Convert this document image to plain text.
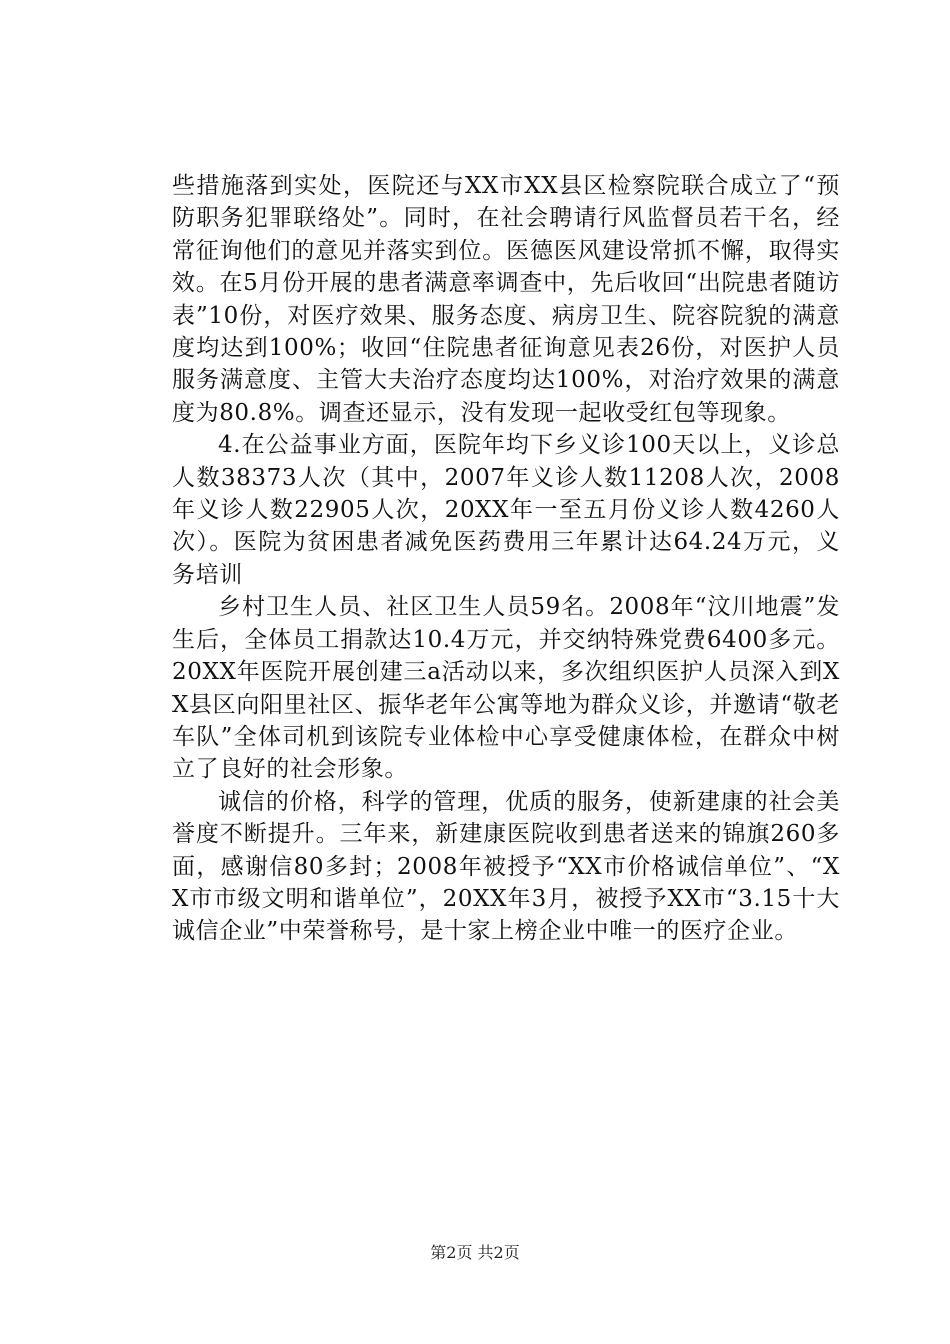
些措施落到实处，医院还与XX市XX县区检察院联合成立了“预防职务犯罪联络处”。同时，在社会聘请行风监督员若干名，经常征询他们的意见并落实到位。医德医风建设常抓不懈，取得实效。在5月份开展的患者满意率调查中，先后收回“出院患者随访表”10份，对医疗效果、服务态度、病房卫生、院容院貌的满意度均达到100%；收回“住院患者征询意见表26份，对医护人员服务满意度、主管大夫治疗态度均达100%，对治疗效果的满意度为80.8%。调查还显示，没有发现一起收受红包等现象。

4.在公益事业方面，医院年均下乡义诊100天以上，义诊总人数38373人次（其中，2007年义诊人数11208人次，2008年义诊人数22905人次，20XX年一至五月份义诊人数4260人次）。医院为贫困患者减免医药费用三年累计达64.24万元，义务培训

乡村卫生人员、社区卫生人员59名。2008年“汶川地震”发生后，全体员工捐款达10.4万元，并交纳特殊党费6400多元。20XX年医院开展创建三a活动以来，多次组织医护人员深入到XX县区向阳里社区、振华老年公寓等地为群众义诊，并邀请“敬老车队”全体司机到该院专业体检中心享受健康体检，在群众中树立了良好的社会形象。

诚信的价格，科学的管理，优质的服务，使新建康的社会美誉度不断提升。三年来，新建康医院收到患者送来的锦旗260多面，感谢信80多封；2008年被授予“XX市价格诚信单位”、“XX市市级文明和谐单位”，20XX年3月，被授予XX市“3.15十大诚信企业”中荣誉称号，是十家上榜企业中唯一的医疗企业。

第2页 共2页
